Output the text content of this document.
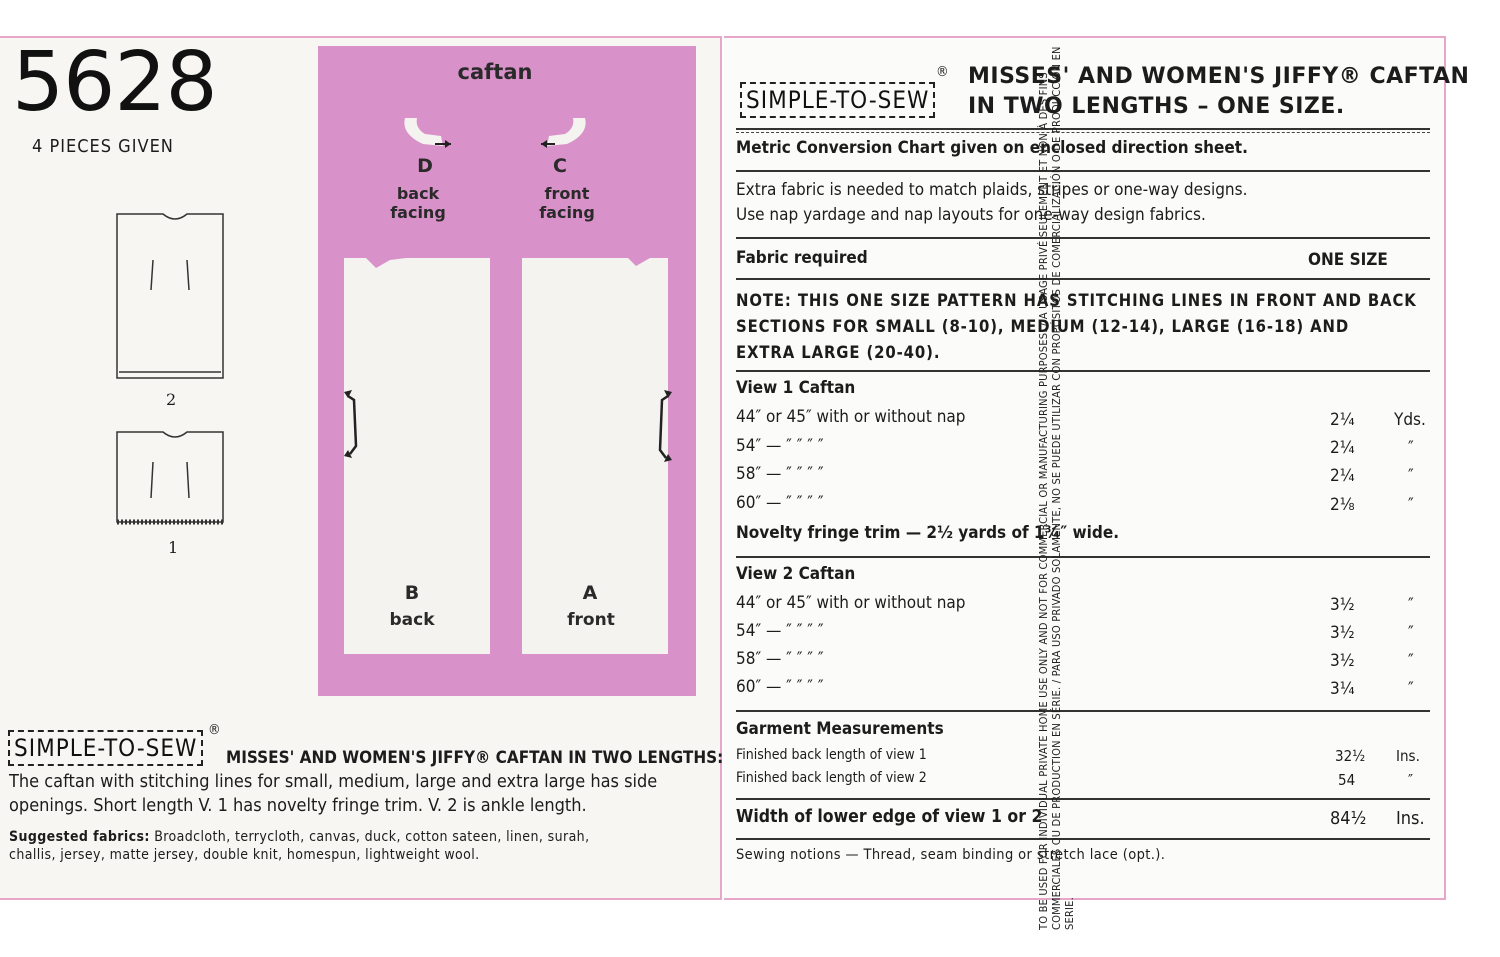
5628
4 PIECES GIVEN
2
1
caftan
D
back
facing
C
front
facing
B
back
A
front
SIMPLE-TO-SEW
®
MISSES' AND WOMEN'S JIFFY® CAFTAN IN TWO LENGTHS:
The caftan with stitching lines for small, medium, large and extra large has side
openings. Short length V. 1 has novelty fringe trim. V. 2 is ankle length.
Suggested fabrics: Broadcloth, terrycloth, canvas, duck, cotton sateen, linen, surah,
challis, jersey, matte jersey, double knit, homespun, lightweight wool.
SIMPLE-TO-SEW
® MISSES' AND WOMEN'S JIFFY® CAFTAN
IN TWO LENGTHS – ONE SIZE.
Metric Conversion Chart given on enclosed direction sheet.
Extra fabric is needed to match plaids, stripes or one-way designs.
Use nap yardage and nap layouts for one-way design fabrics.
Fabric required	ONE SIZE
NOTE: THIS ONE SIZE PATTERN HAS STITCHING LINES IN FRONT AND BACK
SECTIONS FOR SMALL (8-10), MEDIUM (12-14), LARGE (16-18) AND
EXTRA LARGE (20-40).
View 1 Caftan
44″ or 45″ with or without nap	2¼ Yds.
54″ — ″ ″ ″ ″	2¼	″
58″ — ″ ″ ″ ″	2¼	″
60″ — ″ ″ ″ ″	2⅛	″
Novelty fringe trim — 2½ yards of 1¾″ wide.
View 2 Caftan
44″ or 45″ with or without nap	3½	″
54″ — ″ ″ ″ ″	3½	″
58″ — ″ ″ ″ ″	3½	″
60″ — ″ ″ ″ ″	3¼	″
Garment Measurements
Finished back length of view 1	32½ Ins.
Finished back length of view 2	54	″
Width of lower edge of view 1 or 2	84½ Ins.
Sewing notions — Thread, seam binding or stretch lace (opt.).
TO BE USED FOR INDIVIDUAL PRIVATE HOME USE ONLY AND NOT FOR COMMERCIAL OR MANUFACTURING PURPOSES. / A USAGE PRIVÉ SEULEMENT ET NON À DES FINS COMMERCIALES OU DE PRODUCTION EN SÉRIE. / PARA USO PRIVADO SOLAMENTE, NO SE PUEDE UTILIZAR CON PROPÓSITOS DE COMERCIALIZACIÓN O DE PRODUCCIÓN EN SERIE.
